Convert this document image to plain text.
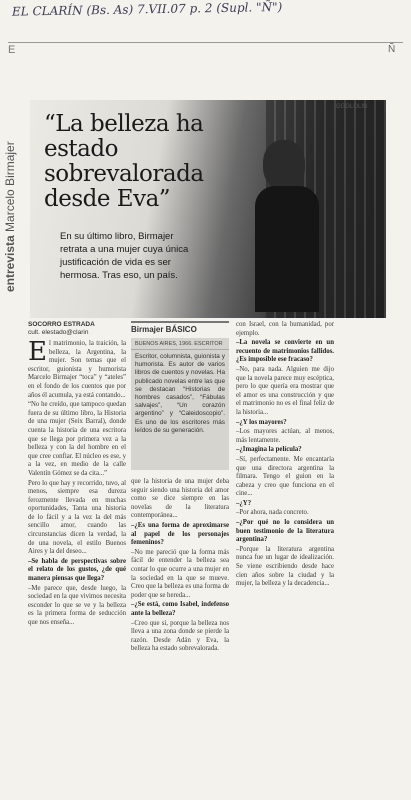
EL CLARÍN (Bs. As) 7.VII.07 p. 2 (Supl. "Ñ")
E	Ñ
entrevista Marcelo Birmajer
GGGLOLIN
“La belleza ha estado sobrevalorada desde Eva”
En su último libro, Birmajer retrata a una mujer cuya única justificación de vida es ser hermosa. Tras eso, un país.
SOCORRO ESTRADA
cult. elestado@clarin

El matrimonio, la traición, la belleza, la Argentina, la mujer. Son temas que el escritor, guionista y humorista Marcelo Birmajer “toca” y “ateles” en el fondo de los cuentos que por años él acumula, ya está contando...

“No he creído, que tampoco quedan fuera de su último libro, la Historia de una mujer (Seix Barral), donde cuenta la historia de una escritora que se llega por primera vez a la belleza y con la del hombre en el que cree confiar. El núcleo es ese, y a la vez, en medio de la calle Valentín Gómez se da cita...”

Pero lo que hay y recorrido, tuvo, al menos, siempre esa dureza ferozmente llevada en muchas oportunidades, Tanta una historia de lo fácil y a la vez la del más sencillo amor, cuando las circunstancias dicen la verdad, la de una novela, el estilo Buenos Aires y la del deseo...

–Se habla de perspectivas sobre el relato de los gustos, ¿de qué manera piensas que llega?

–Me parece que, desde luego, la sociedad en la que vivimos necesita esconder lo que se ve y la belleza es la primera forma de seducción que nos enseña...

Birmajer BÁSICO
BUENOS AIRES, 1966. ESCRITOR
Escritor, columnista, guionista y humorista. Es autor de varios libros de cuentos y novelas. Ha publicado novelas entre las que se destacan “Historias de hombres casados”, “Fábulas salvajes”, “Un corazón argentino” y “Caleidoscopio”. Es uno de los escritores más leídos de su generación.

que la historia de una mujer deba seguir siendo una historia del amor como se dice siempre en las novelas de la literatura contemporánea...

–¿Es una forma de aproximarse al papel de los personajes femeninos?

–No me pareció que la forma más fácil de entender la belleza sea contar lo que ocurre a una mujer en la sociedad en la que se mueve. Creo que la belleza es una forma de poder que se hereda...

–¿Se está, como Isabel, indefenso ante la belleza?

–Creo que sí, porque la belleza nos lleva a una zona donde se pierde la razón. Desde Adán y Eva, la belleza ha estado sobrevalorada.

con Israel, con la humanidad, por ejemplo.

–La novela se convierte en un recuento de matrimonios fallidos. ¿Es imposible ese fracaso?

–No, para nada. Alguien me dijo que la novela parece muy escéptica, pero lo que quería era mostrar que el amor es una construcción y que el matrimonio no es el final feliz de la historia...

–¿Y los mayores?

–Los mayores actúan, al menos, más lentamente.

–¿Imagina la película?

–Sí, perfectamente. Me encantaría que una directora argentina la filmara. Tengo el guion en la cabeza y creo que funciona en el cine...

–¿Y?

–Por ahora, nada concreto.

–¿Por qué no lo considera un buen testimonio de la literatura argentina?

–Porque la literatura argentina nunca fue un lugar de idealización. Se viene escribiendo desde hace cien años sobre la ciudad y la mujer, la belleza y la decadencia...
